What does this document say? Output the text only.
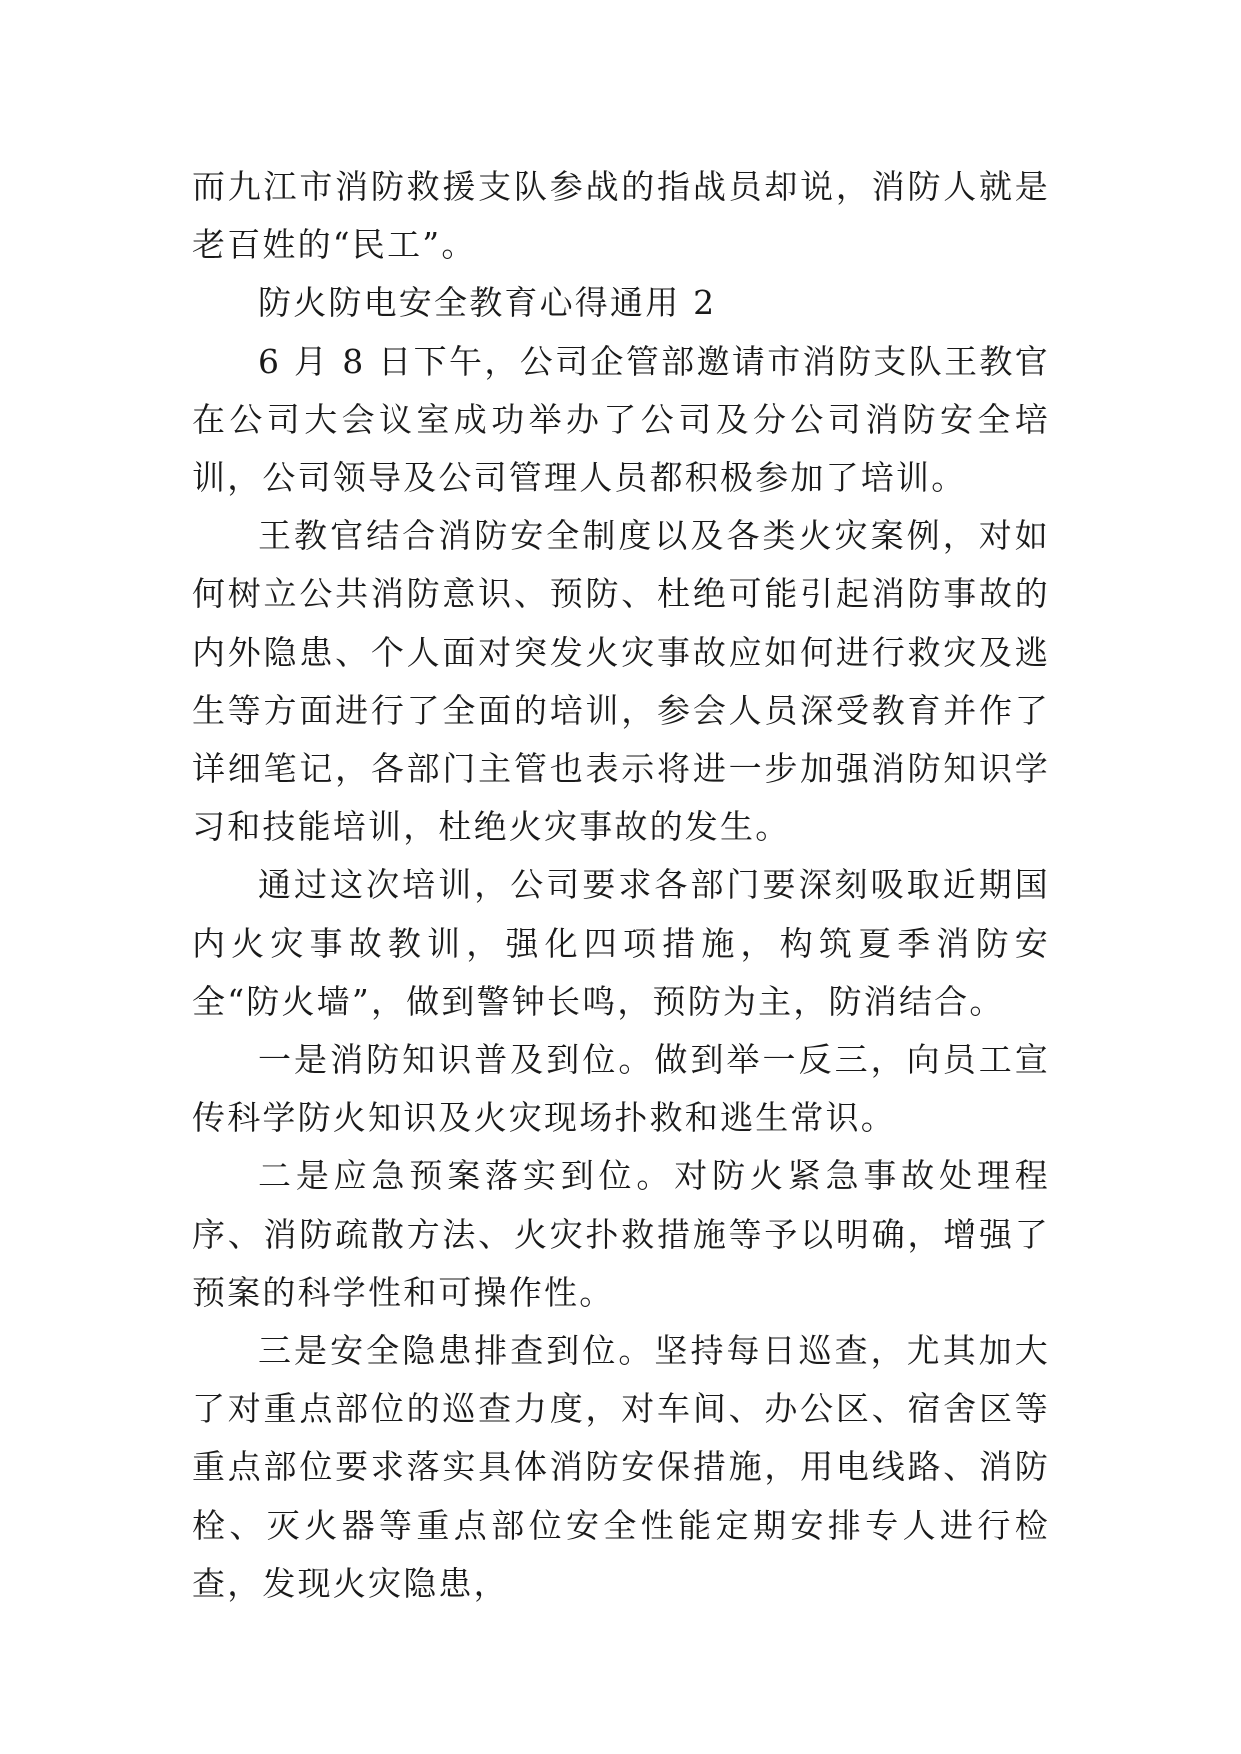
而九江市消防救援支队参战的指战员却说，消防人就是老百姓的“民工”。

防火防电安全教育心得通用 2

6 月 8 日下午，公司企管部邀请市消防支队王教官在公司大会议室成功举办了公司及分公司消防安全培训，公司领导及公司管理人员都积极参加了培训。

王教官结合消防安全制度以及各类火灾案例，对如何树立公共消防意识、预防、杜绝可能引起消防事故的内外隐患、个人面对突发火灾事故应如何进行救灾及逃生等方面进行了全面的培训，参会人员深受教育并作了详细笔记，各部门主管也表示将进一步加强消防知识学习和技能培训，杜绝火灾事故的发生。

通过这次培训，公司要求各部门要深刻吸取近期国内火灾事故教训，强化四项措施，构筑夏季消防安全“防火墙”，做到警钟长鸣，预防为主，防消结合。

一是消防知识普及到位。做到举一反三，向员工宣传科学防火知识及火灾现场扑救和逃生常识。

二是应急预案落实到位。对防火紧急事故处理程序、消防疏散方法、火灾扑救措施等予以明确，增强了预案的科学性和可操作性。

三是安全隐患排查到位。坚持每日巡查，尤其加大了对重点部位的巡查力度，对车间、办公区、宿舍区等重点部位要求落实具体消防安保措施，用电线路、消防栓、灭火器等重点部位安全性能定期安排专人进行检查，发现火灾隐患，
